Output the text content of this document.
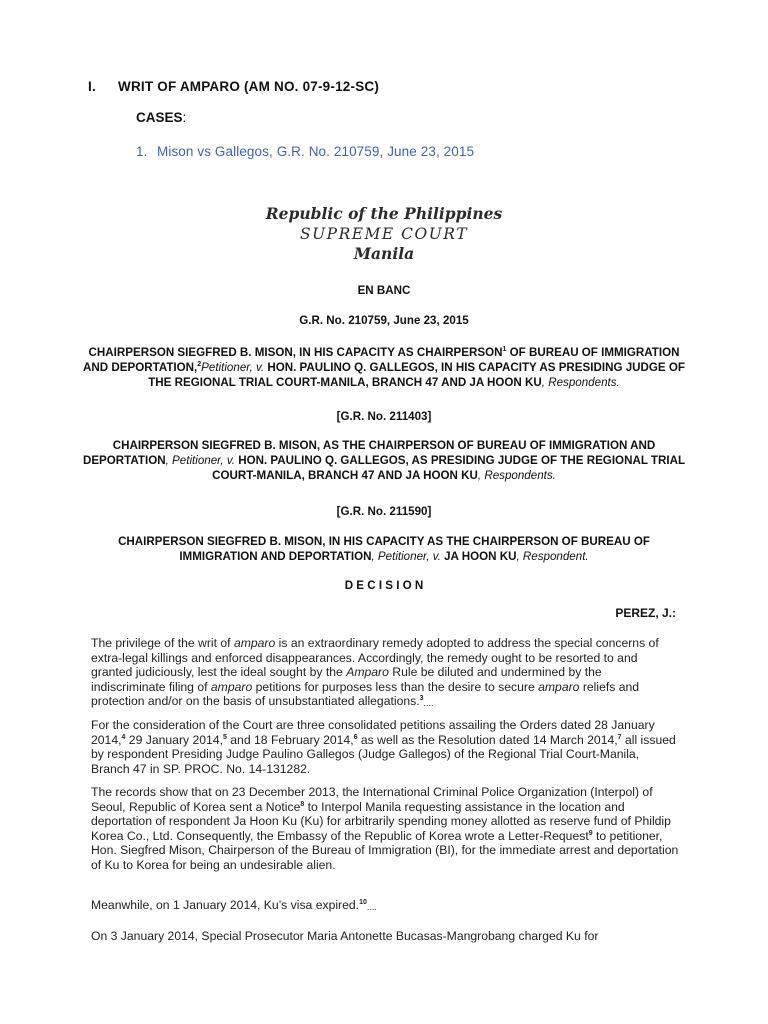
I. WRIT OF AMPARO (AM NO. 07-9-12-SC)
CASES:
1. Mison vs Gallegos, G.R. No. 210759, June 23, 2015
Republic of the Philippines
SUPREME COURT
Manila
EN BANC
G.R. No. 210759, June 23, 2015
CHAIRPERSON SIEGFRED B. MISON, IN HIS CAPACITY AS CHAIRPERSON$^1$ OF BUREAU OF IMMIGRATION AND DEPORTATION,$^2$Petitioner, v. HON. PAULINO Q. GALLEGOS, IN HIS CAPACITY AS PRESIDING JUDGE OF THE REGIONAL TRIAL COURT-MANILA, BRANCH 47 AND JA HOON KU, Respondents.
[G.R. No. 211403]
CHAIRPERSON SIEGFRED B. MISON, AS THE CHAIRPERSON OF BUREAU OF IMMIGRATION AND DEPORTATION, Petitioner, v. HON. PAULINO Q. GALLEGOS, AS PRESIDING JUDGE OF THE REGIONAL TRIAL COURT-MANILA, BRANCH 47 AND JA HOON KU, Respondents.
[G.R. No. 211590]
CHAIRPERSON SIEGFRED B. MISON, IN HIS CAPACITY AS THE CHAIRPERSON OF BUREAU OF IMMIGRATION AND DEPORTATION, Petitioner, v. JA HOON KU, Respondent.
D E C I S I O N
PEREZ, J.:

The privilege of the writ of amparo is an extraordinary remedy adopted to address the special concerns of extra-legal killings and enforced disappearances. Accordingly, the remedy ought to be resorted to and granted judiciously, lest the ideal sought by the Amparo Rule be diluted and undermined by the indiscriminate filing of amparo petitions for purposes less than the desire to secure amparo reliefs and protection and/or on the basis of unsubstantiated allegations.$^3$....

For the consideration of the Court are three consolidated petitions assailing the Orders dated 28 January 2014,$^4$ 29 January 2014,$^5$ and 18 February 2014,$^6$ as well as the Resolution dated 14 March 2014,$^7$ all issued by respondent Presiding Judge Paulino Gallegos (Judge Gallegos) of the Regional Trial Court-Manila, Branch 47 in SP. PROC. No. 14-131282.

The records show that on 23 December 2013, the International Criminal Police Organization (Interpol) of Seoul, Republic of Korea sent a Notice$^8$ to Interpol Manila requesting assistance in the location and deportation of respondent Ja Hoon Ku (Ku) for arbitrarily spending money allotted as reserve fund of Phildip Korea Co., Ltd. Consequently, the Embassy of the Republic of Korea wrote a Letter-Request$^9$ to petitioner, Hon. Siegfred Mison, Chairperson of the Bureau of Immigration (BI), for the immediate arrest and deportation of Ku to Korea for being an undesirable alien.

Meanwhile, on 1 January 2014, Ku’s visa expired.$^{10}$....

On 3 January 2014, Special Prosecutor Maria Antonette Bucasas-Mangrobang charged Ku for
